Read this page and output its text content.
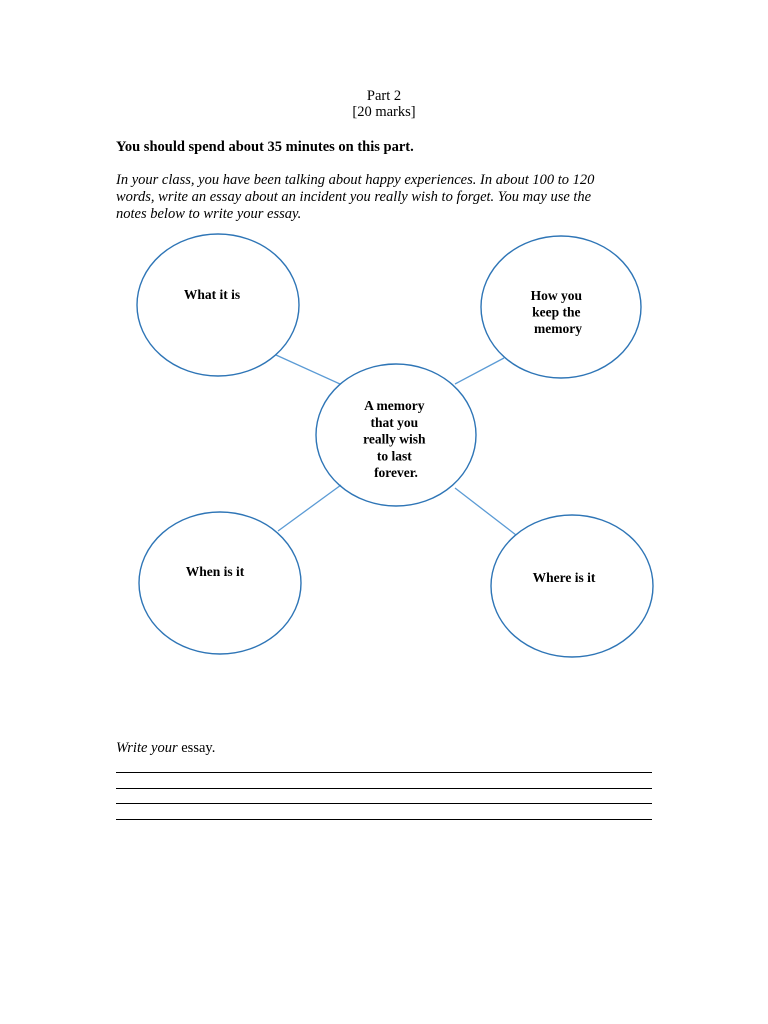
Part 2
[20 marks]
You should spend about 35 minutes on this part.
In your class, you have been talking about happy experiences. In about 100 to 120
words, write an essay about an incident you really wish to forget. You may use the
notes below to write your essay.
What it is	How you keep the memory
A memory that you really wish to last forever.
When is it	Where is it
Write your essay.
